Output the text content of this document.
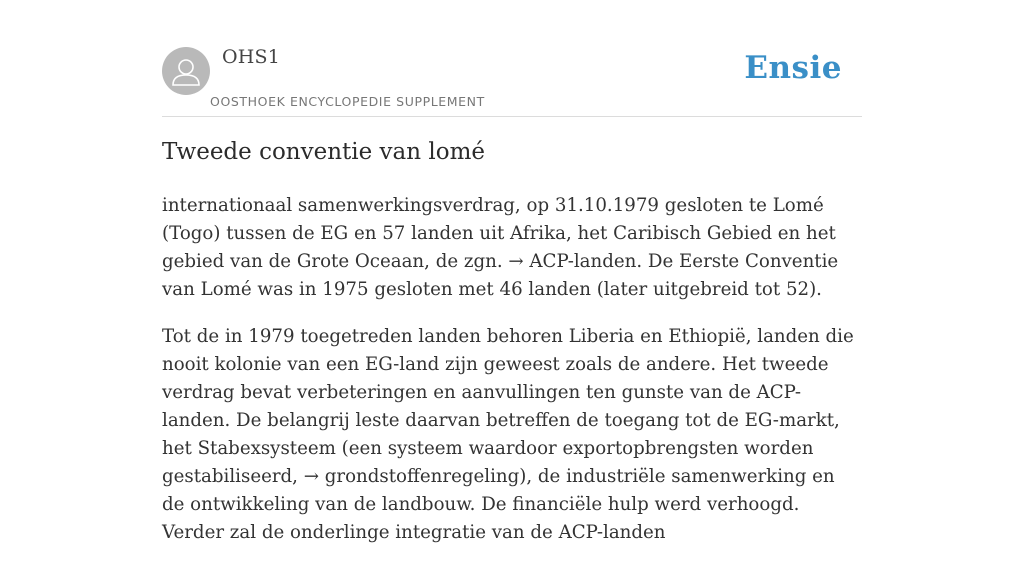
OHS1
OOSTHOEK ENCYCLOPEDIE SUPPLEMENT
Ensie
Tweede conventie van lomé

internationaal samenwerkingsverdrag, op 31.10.1979 gesloten te Lomé (Togo) tussen de EG en 57 landen uit Afrika, het Caribisch Gebied en het gebied van de Grote Oceaan, de zgn. → ACP-landen. De Eerste Conventie van Lomé was in 1975 gesloten met 46 landen (later uitgebreid tot 52).

Tot de in 1979 toegetreden landen behoren Liberia en Ethiopië, landen die nooit kolonie van een EG-land zijn geweest zoals de andere. Het tweede verdrag bevat verbeteringen en aanvullingen ten gunste van de ACP-landen. De belangrij leste daarvan betreffen de toegang tot de EG-markt, het Stabexsysteem (een systeem waardoor exportopbrengsten worden gestabiliseerd, → grondstoffenregeling), de industriële samenwerking en de ontwikkeling van de landbouw. De financiële hulp werd verhoogd. Verder zal de onderlinge integratie van de ACP-landen
